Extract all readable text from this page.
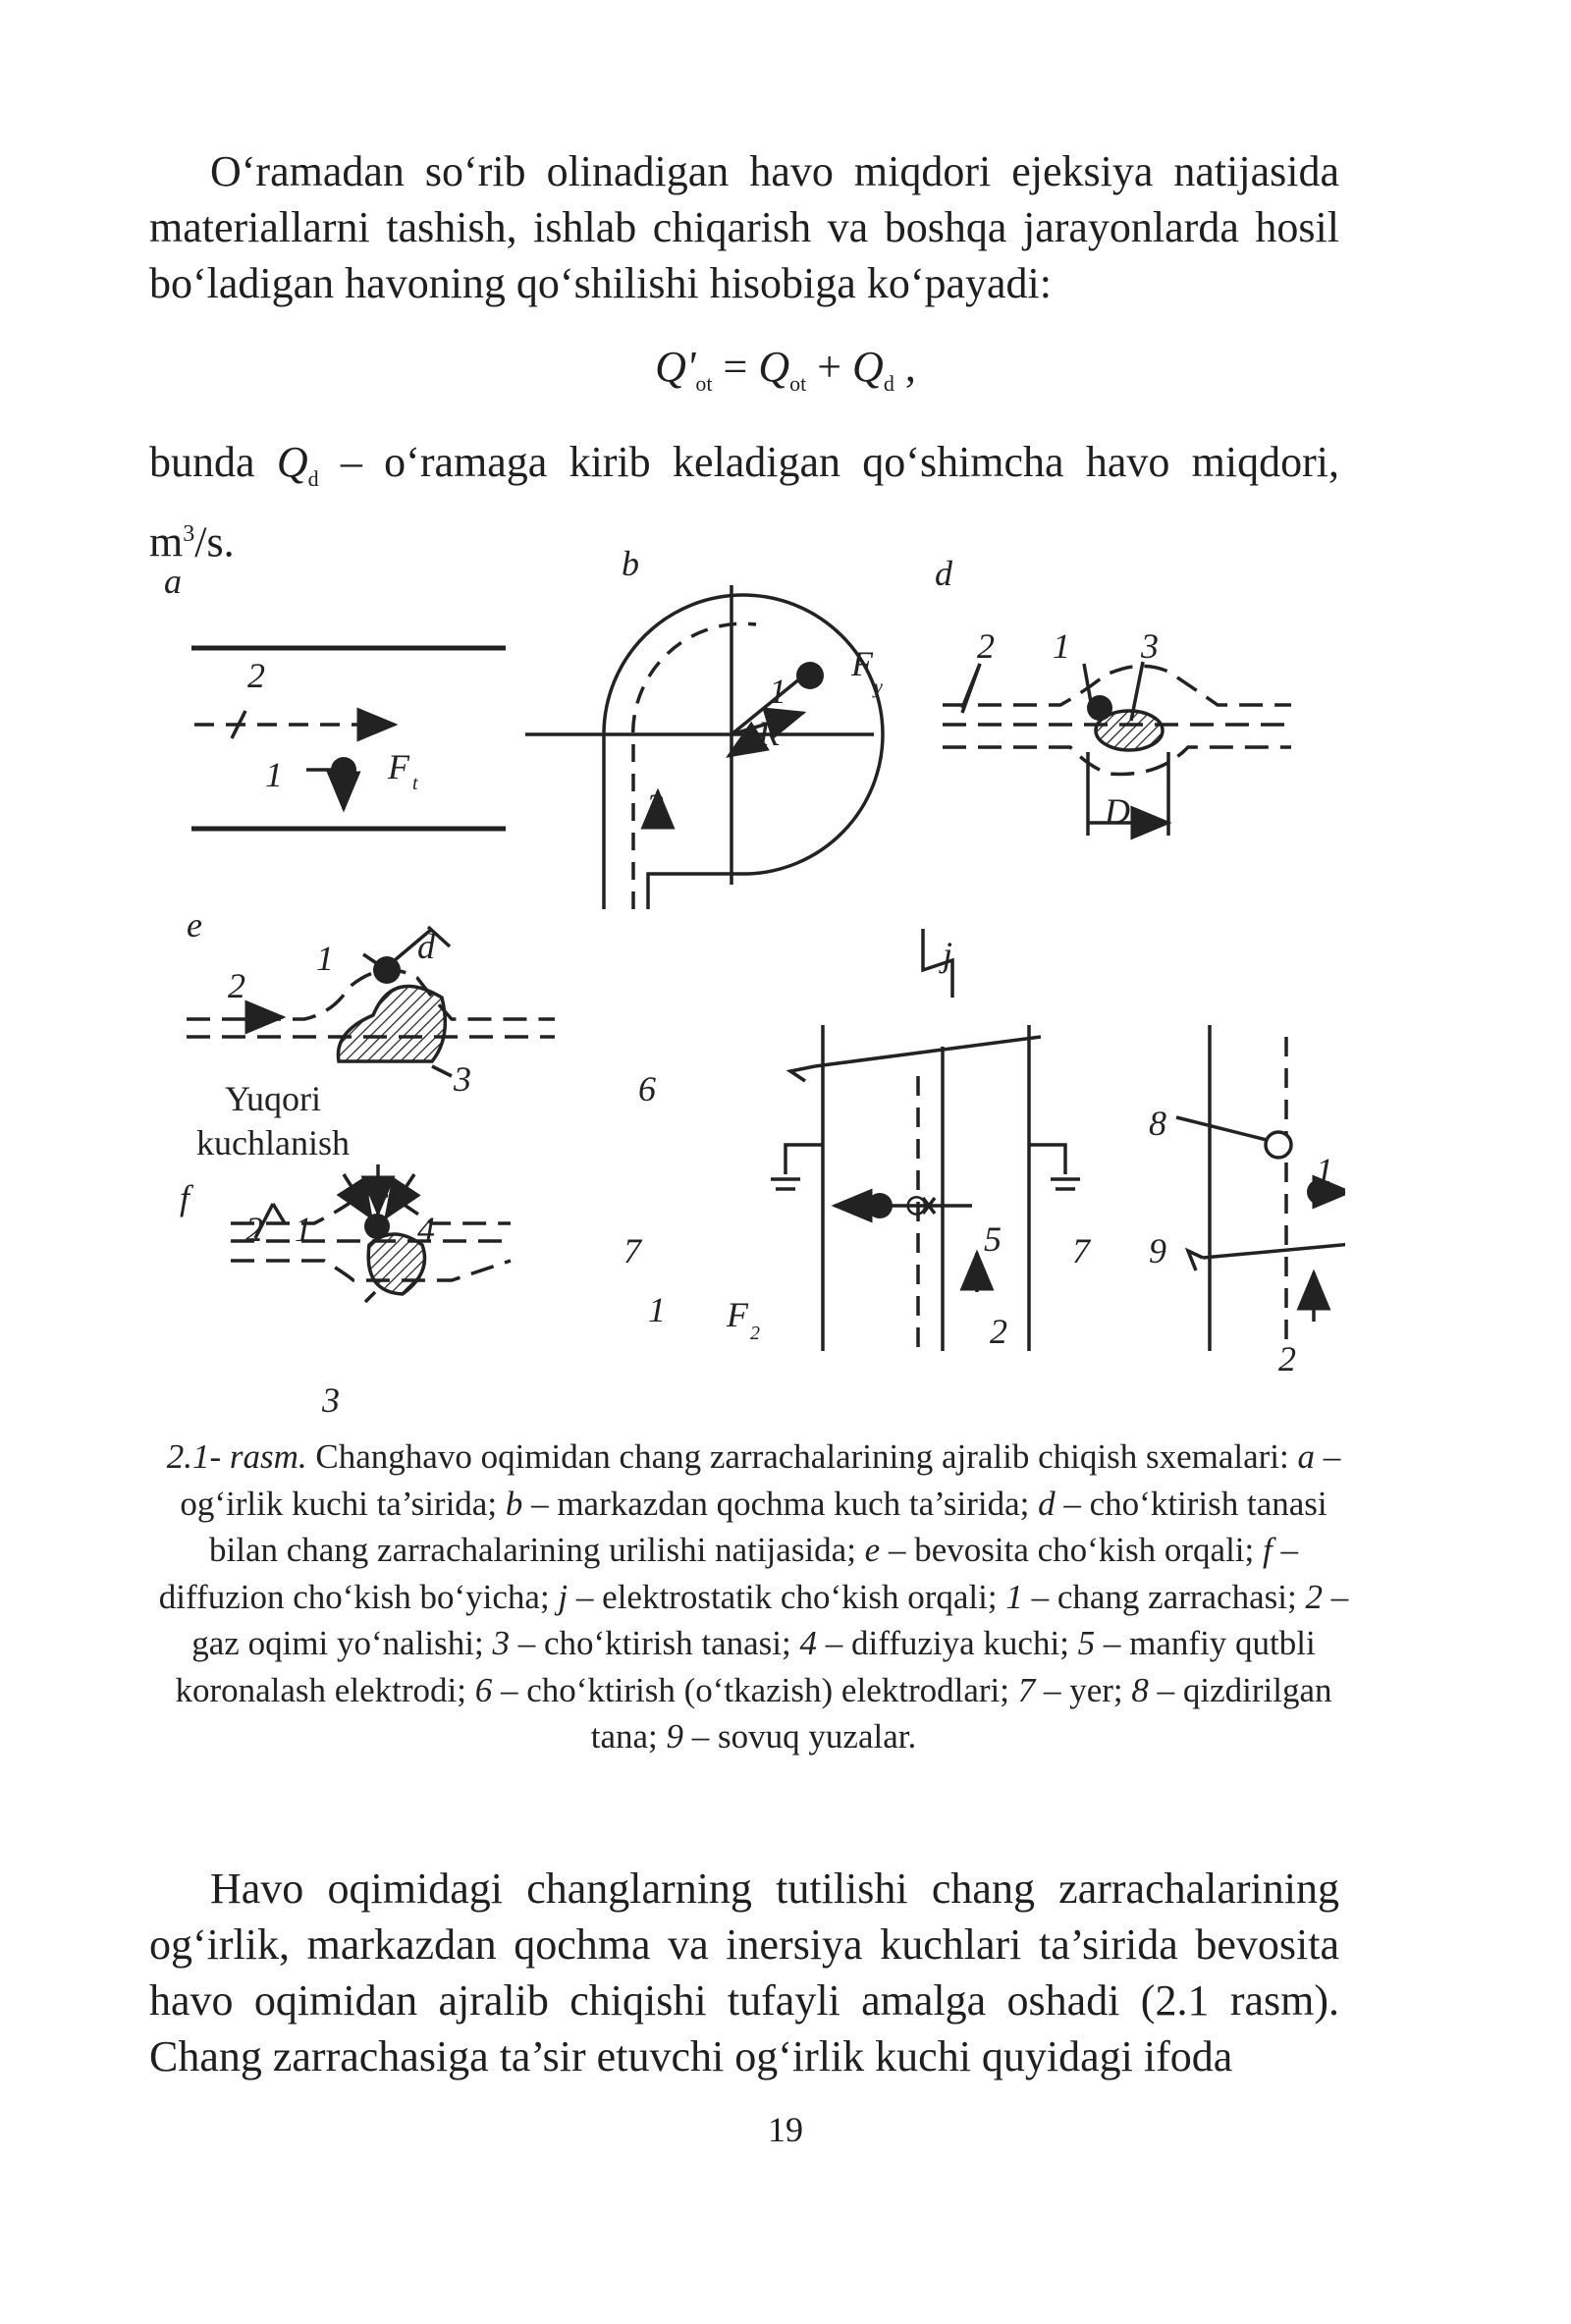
O‘ramadan so‘rib olinadigan havo miqdori ejeksiya natijasida materiallarni tashish, ishlab chiqarish va boshqa jarayonlarda hosil bo‘ladigan havoning qo‘shilishi hisobiga ko‘payadi:

$Q'_{ot} = Q_{ot} + Q_d$ ,

bunda $Q_d$ – o‘ramaga kirib keladigan qo‘shimcha havo miqdori, $m^3/s$.

a	b	d
e
f
j
2
1	F t
1
F
y
R
2
2 1 3
D
1 d
2
3
Yuqori
kuchlanish
2 1	4
3
6
7
1 F 2
⊖ ⊖
5
2
7
8
1
9
2

2.1- rasm. Changhavo oqimidan chang zarrachalarining ajralib chiqish sxemalari: a – og‘irlik kuchi ta’sirida; b – markazdan qochma kuch ta’sirida; d – cho‘ktirish tanasi bilan chang zarrachalarining urilishi natijasida; e – bevosita cho‘kish orqali; f – diffuzion cho‘kish bo‘yicha; j – elektrostatik cho‘kish orqali; 1 – chang zarrachasi; 2 – gaz oqimi yo‘nalishi; 3 – cho‘ktirish tanasi; 4 – diffuziya kuchi; 5 – manfiy qutbli koronalash elektrodi; 6 – cho‘ktirish (o‘tkazish) elektrodlari; 7 – yer; 8 – qizdirilgan tana; 9 – sovuq yuzalar.

Havo oqimidagi changlarning tutilishi chang zarrachalarining og‘irlik, markazdan qochma va inersiya kuchlari ta’sirida bevosita havo oqimidan ajralib chiqishi tufayli amalga oshadi (2.1 rasm). Chang zarrachasiga ta’sir etuvchi og‘irlik kuchi quyidagi ifoda

19
